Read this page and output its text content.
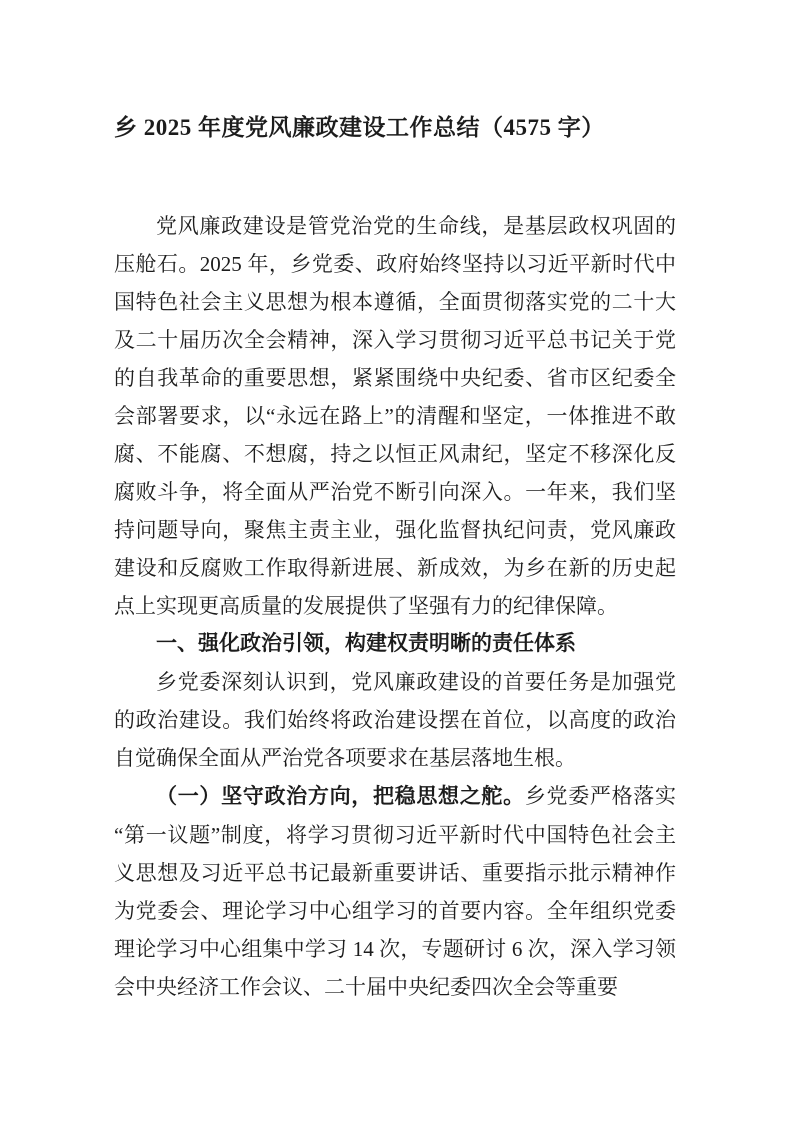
乡 2025 年度党风廉政建设工作总结（4575 字）

党风廉政建设是管党治党的生命线，是基层政权巩固的压舱石。2025 年，乡党委、政府始终坚持以习近平新时代中国特色社会主义思想为根本遵循，全面贯彻落实党的二十大及二十届历次全会精神，深入学习贯彻习近平总书记关于党的自我革命的重要思想，紧紧围绕中央纪委、省市区纪委全会部署要求，以“永远在路上”的清醒和坚定，一体推进不敢腐、不能腐、不想腐，持之以恒正风肃纪，坚定不移深化反腐败斗争，将全面从严治党不断引向深入。一年来，我们坚持问题导向，聚焦主责主业，强化监督执纪问责，党风廉政建设和反腐败工作取得新进展、新成效，为乡在新的历史起点上实现更高质量的发展提供了坚强有力的纪律保障。

一、强化政治引领，构建权责明晰的责任体系

乡党委深刻认识到，党风廉政建设的首要任务是加强党的政治建设。我们始终将政治建设摆在首位，以高度的政治自觉确保全面从严治党各项要求在基层落地生根。

（一）坚守政治方向，把稳思想之舵。乡党委严格落实“第一议题”制度，将学习贯彻习近平新时代中国特色社会主义思想及习近平总书记最新重要讲话、重要指示批示精神作为党委会、理论学习中心组学习的首要内容。全年组织党委理论学习中心组集中学习 14 次，专题研讨 6 次，深入学习领会中央经济工作会议、二十届中央纪委四次全会等重要
